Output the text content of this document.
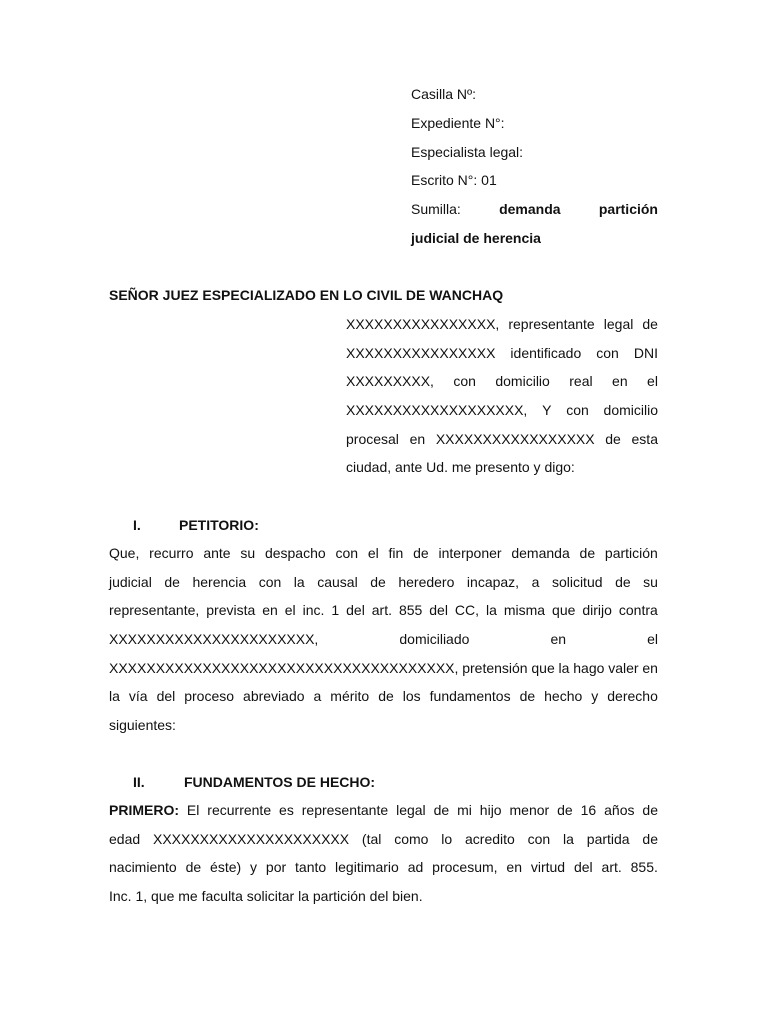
Casilla Nº:
Expediente N°:
Especialista legal:
Escrito N°: 01
Sumilla:	demanda	partición
judicial de herencia
SEÑOR JUEZ ESPECIALIZADO EN LO CIVIL DE WANCHAQ
XXXXXXXXXXXXXXXX, representante legal de
XXXXXXXXXXXXXXXX identificado con DNI
XXXXXXXXX, con domicilio real en el
XXXXXXXXXXXXXXXXXXX, Y con domicilio
procesal en XXXXXXXXXXXXXXXXX de esta
ciudad, ante Ud. me presento y digo:
I.	PETITORIO:
Que, recurro ante su despacho con el fin de interponer demanda de partición
judicial de herencia con la causal de heredero incapaz, a solicitud de su
representante, prevista en el inc. 1 del art. 855 del CC, la misma que dirijo contra
XXXXXXXXXXXXXXXXXXXXXX,	domiciliado	en	el
XXXXXXXXXXXXXXXXXXXXXXXXXXXXXXXXXXXXX, pretensión que la hago valer en
la vía del proceso abreviado a mérito de los fundamentos de hecho y derecho
siguientes:
II.	FUNDAMENTOS DE HECHO:
PRIMERO: El recurrente es representante legal de mi hijo menor de 16 años de
edad XXXXXXXXXXXXXXXXXXXXX (tal como lo acredito con la partida de
nacimiento de éste) y por tanto legitimario ad procesum, en virtud del art. 855.
Inc. 1, que me faculta solicitar la partición del bien.
